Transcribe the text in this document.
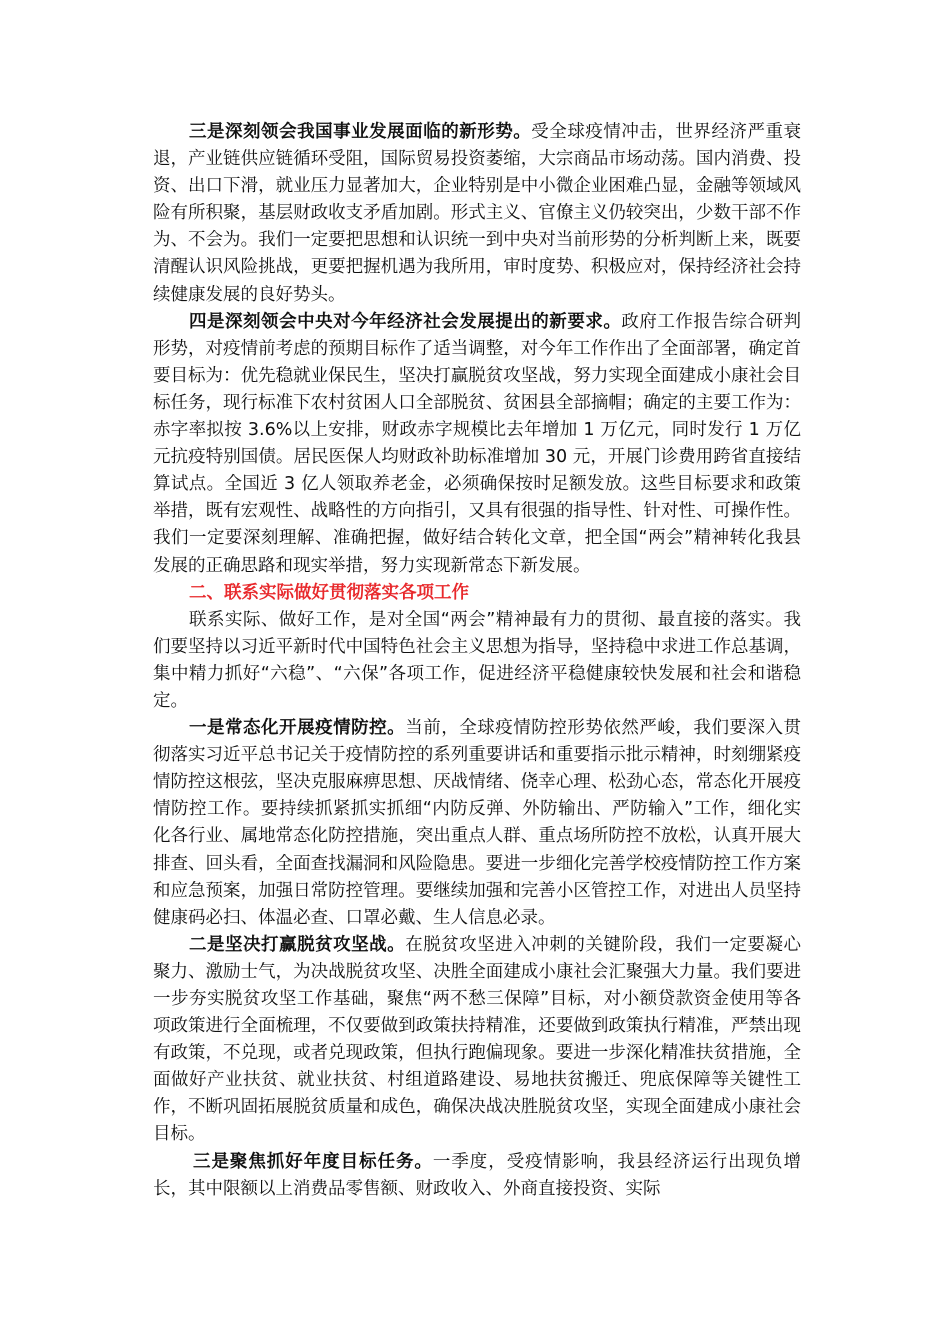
三是深刻领会我国事业发展面临的新形势。受全球疫情冲击，世界经济严重衰退，产业链供应链循环受阻，国际贸易投资萎缩，大宗商品市场动荡。国内消费、投资、出口下滑，就业压力显著加大，企业特别是中小微企业困难凸显，金融等领域风险有所积聚，基层财政收支矛盾加剧。形式主义、官僚主义仍较突出，少数干部不作为、不会为。我们一定要把思想和认识统一到中央对当前形势的分析判断上来，既要清醒认识风险挑战，更要把握机遇为我所用，审时度势、积极应对，保持经济社会持续健康发展的良好势头。

四是深刻领会中央对今年经济社会发展提出的新要求。政府工作报告综合研判形势，对疫情前考虑的预期目标作了适当调整，对今年工作作出了全面部署，确定首要目标为：优先稳就业保民生，坚决打赢脱贫攻坚战，努力实现全面建成小康社会目标任务，现行标准下农村贫困人口全部脱贫、贫困县全部摘帽；确定的主要工作为：赤字率拟按 3.6%以上安排，财政赤字规模比去年增加 1 万亿元，同时发行 1 万亿元抗疫特别国债。居民医保人均财政补助标准增加 30 元，开展门诊费用跨省直接结算试点。全国近 3 亿人领取养老金，必须确保按时足额发放。这些目标要求和政策举措，既有宏观性、战略性的方向指引，又具有很强的指导性、针对性、可操作性。我们一定要深刻理解、准确把握，做好结合转化文章，把全国“两会”精神转化我县发展的正确思路和现实举措，努力实现新常态下新发展。

二、联系实际做好贯彻落实各项工作

联系实际、做好工作，是对全国“两会”精神最有力的贯彻、最直接的落实。我们要坚持以习近平新时代中国特色社会主义思想为指导，坚持稳中求进工作总基调，集中精力抓好“六稳”、“六保”各项工作，促进经济平稳健康较快发展和社会和谐稳定。

一是常态化开展疫情防控。当前，全球疫情防控形势依然严峻，我们要深入贯彻落实习近平总书记关于疫情防控的系列重要讲话和重要指示批示精神，时刻绷紧疫情防控这根弦，坚决克服麻痹思想、厌战情绪、侥幸心理、松劲心态，常态化开展疫情防控工作。要持续抓紧抓实抓细“内防反弹、外防输出、严防输入”工作，细化实化各行业、属地常态化防控措施，突出重点人群、重点场所防控不放松，认真开展大排查、回头看，全面查找漏洞和风险隐患。要进一步细化完善学校疫情防控工作方案和应急预案，加强日常防控管理。要继续加强和完善小区管控工作，对进出人员坚持健康码必扫、体温必查、口罩必戴、生人信息必录。

二是坚决打赢脱贫攻坚战。在脱贫攻坚进入冲刺的关键阶段，我们一定要凝心聚力、激励士气，为决战脱贫攻坚、决胜全面建成小康社会汇聚强大力量。我们要进一步夯实脱贫攻坚工作基础，聚焦“两不愁三保障”目标，对小额贷款资金使用等各项政策进行全面梳理，不仅要做到政策扶持精准，还要做到政策执行精准，严禁出现有政策，不兑现，或者兑现政策，但执行跑偏现象。要进一步深化精准扶贫措施，全面做好产业扶贫、就业扶贫、村组道路建设、易地扶贫搬迁、兜底保障等关键性工作，不断巩固拓展脱贫质量和成色，确保决战决胜脱贫攻坚，实现全面建成小康社会目标。

三是聚焦抓好年度目标任务。一季度，受疫情影响，我县经济运行出现负增长，其中限额以上消费品零售额、财政收入、外商直接投资、实际
